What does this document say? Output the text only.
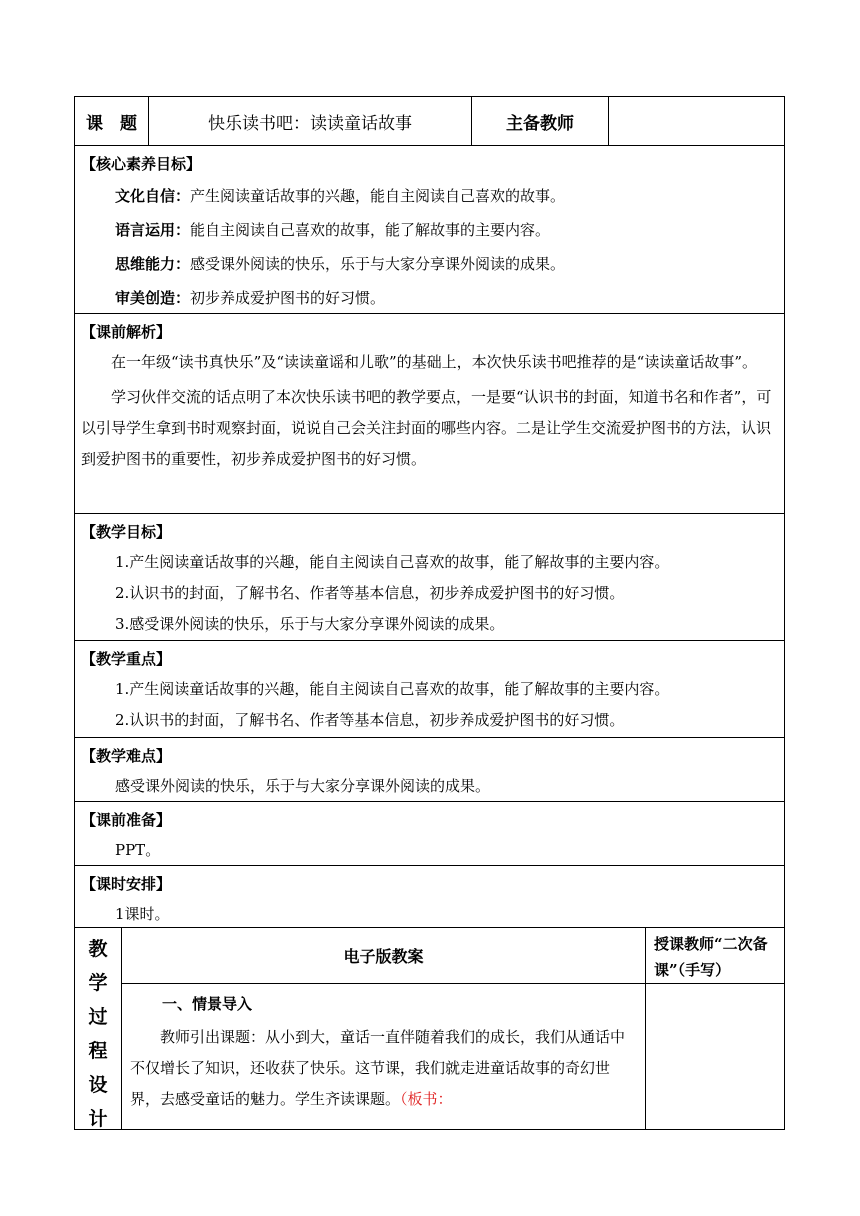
课　题	快乐读书吧：读读童话故事	主备教师
【核心素养目标】
文化自信：产生阅读童话故事的兴趣，能自主阅读自己喜欢的故事。
语言运用：能自主阅读自己喜欢的故事，能了解故事的主要内容。
思维能力：感受课外阅读的快乐，乐于与大家分享课外阅读的成果。
审美创造：初步养成爱护图书的好习惯。
【课前解析】
在一年级“读书真快乐”及“读读童谣和儿歌”的基础上，本次快乐读书吧推荐的是“读读童话故事”。
学习伙伴交流的话点明了本次快乐读书吧的教学要点，一是要“认识书的封面，知道书名和作者”，可以引导学生拿到书时观察封面，说说自己会关注封面的哪些内容。二是让学生交流爱护图书的方法，认识到爱护图书的重要性，初步养成爱护图书的好习惯。
【教学目标】
1.产生阅读童话故事的兴趣，能自主阅读自己喜欢的故事，能了解故事的主要内容。
2.认识书的封面，了解书名、作者等基本信息，初步养成爱护图书的好习惯。
3.感受课外阅读的快乐，乐于与大家分享课外阅读的成果。
【教学重点】
1.产生阅读童话故事的兴趣，能自主阅读自己喜欢的故事，能了解故事的主要内容。
2.认识书的封面，了解书名、作者等基本信息，初步养成爱护图书的好习惯。
【教学难点】
感受课外阅读的快乐，乐于与大家分享课外阅读的成果。
【课前准备】
PPT。
【课时安排】
1课时。
教
学
过
程
设
计
电子版教案
一、情景导入
教师引出课题：从小到大，童话一直伴随着我们的成长，我们从通话中不仅增长了知识，还收获了快乐。这节课，我们就走进童话故事的奇幻世界，去感受童话的魅力。学生齐读课题。（板书：
授课教师“二次备课”（手写）
